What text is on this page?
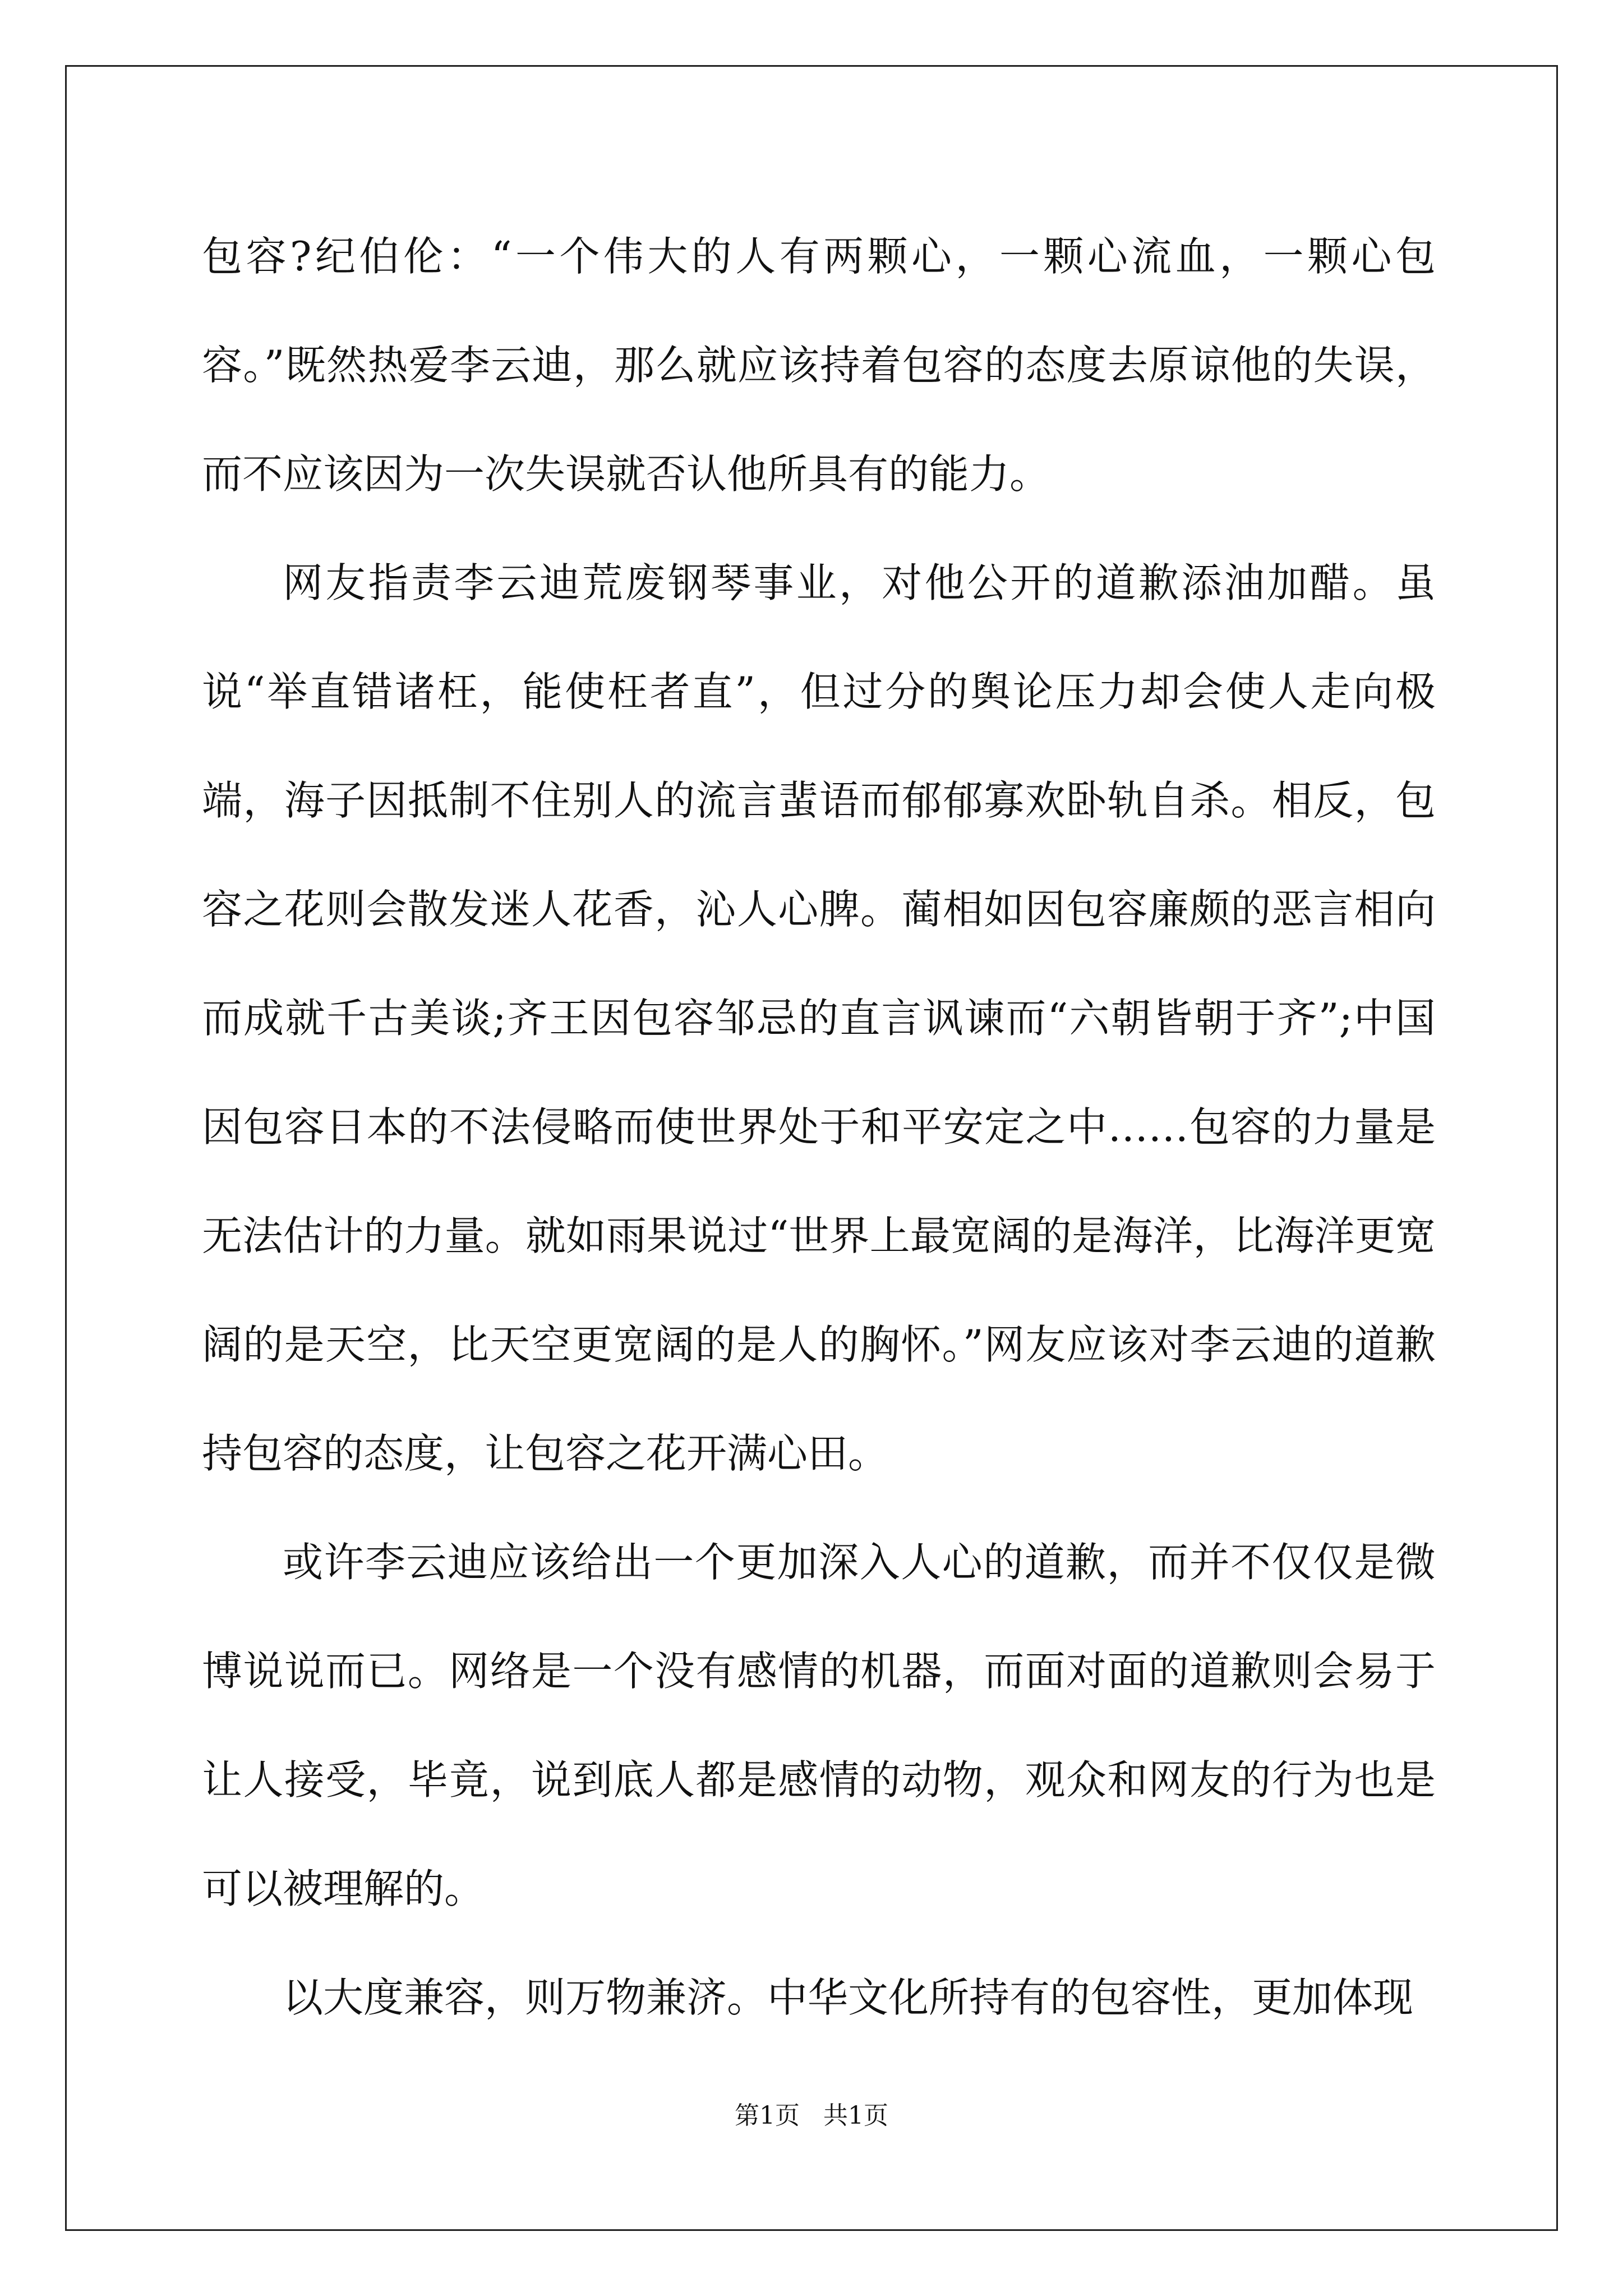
包容?纪伯伦：“一个伟大的人有两颗心，一颗心流血，一颗心包容。”既然热爱李云迪，那么就应该持着包容的态度去原谅他的失误，而不应该因为一次失误就否认他所具有的能力。

网友指责李云迪荒废钢琴事业，对他公开的道歉添油加醋。虽说“举直错诸枉，能使枉者直”，但过分的舆论压力却会使人走向极端，海子因抵制不住别人的流言蜚语而郁郁寡欢卧轨自杀。相反，包容之花则会散发迷人花香，沁人心脾。蔺相如因包容廉颇的恶言相向而成就千古美谈;齐王因包容邹忌的直言讽谏而“六朝皆朝于齐”;中国因包容日本的不法侵略而使世界处于和平安定之中……包容的力量是无法估计的力量。就如雨果说过“世界上最宽阔的是海洋，比海洋更宽阔的是天空，比天空更宽阔的是人的胸怀。”网友应该对李云迪的道歉持包容的态度，让包容之花开满心田。

或许李云迪应该给出一个更加深入人心的道歉，而并不仅仅是微博说说而已。网络是一个没有感情的机器，而面对面的道歉则会易于让人接受，毕竟，说到底人都是感情的动物，观众和网友的行为也是可以被理解的。

以大度兼容，则万物兼济。中华文化所持有的包容性，更加体现

第1页   共1页
